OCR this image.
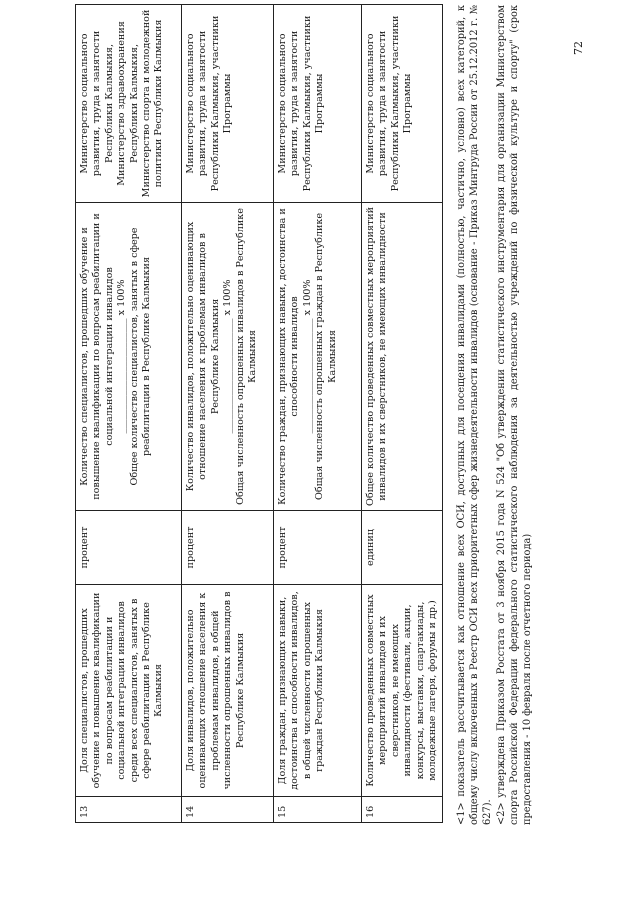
72
13	Доля специалистов, прошедших обучение и повышение квалификации по вопросам реабилитации и социальной интеграции инвалидов среди всех специалистов, занятых в сфере реабилитации в Республике Калмыкия	процент	Количество специалистов, прошедших обучение и повышение квалификации по вопросам реабилитации и социальной интеграции инвалидов ________________________ х 100% Общее количество специалистов, занятых в сфере реабилитации в Республике Калмыкия	Министерство социального развития, труда и занятости Республики Калмыкия, Министерство здравоохранения Республики Калмыкия, Министерство спорта и молодежной политики Республики Калмыкия
14	Доля инвалидов, положительно оценивающих отношение населения к проблемам инвалидов, в общей численности опрошенных инвалидов в Республике Калмыкия	процент	Количество инвалидов, положительно оценивающих отношение населения к проблемам инвалидов в Республике Калмыкия ________________________ х 100% Общая численность опрошенных инвалидов в Республике Калмыкия	Министерство социального развития, труда и занятости Республики Калмыкия, участники Программы
15	Доля граждан, признающих навыки, достоинства и способности инвалидов, в общей численности опрошенных граждан Республики Калмыкия	процент	Количество граждан, признающих навыки, достоинства и способности инвалидов ________________________ х 100% Общая численность опрошенных граждан в Республике Калмыкия	Министерство социального развития, труда и занятости Республики Калмыкия, участники Программы
16	Количество проведенных совместных мероприятий инвалидов и их сверстников, не имеющих инвалидности (фестивали, акции, конкурсы, выставки, спартакиады, молодежные лагеря, форумы и др.)	единиц	Общее количество проведенных совместных мероприятий инвалидов и их сверстников, не имеющих инвалидности	Министерство социального развития, труда и занятости Республики Калмыкия, участники Программы	<1> показатель рассчитывается как отношение всех ОСИ, доступных для посещения инвалидами (полностью, частично, условно) всех категорий, к общему числу включенных в Реестр ОСИ всех приоритетных сфер жизнедеятельности инвалидов (основание - Приказ Минтруда России от 25.12.2012 г. № 627). <2> утверждена Приказом Росстата от 3 ноября 2015 года N 524 "Об утверждении статистического инструментария для организации Министерством спорта Российской Федерации федерального статистического наблюдения за деятельностью учреждений по физической культуре и спорту" (срок предоставления - 10 февраля после отчетного периода)
